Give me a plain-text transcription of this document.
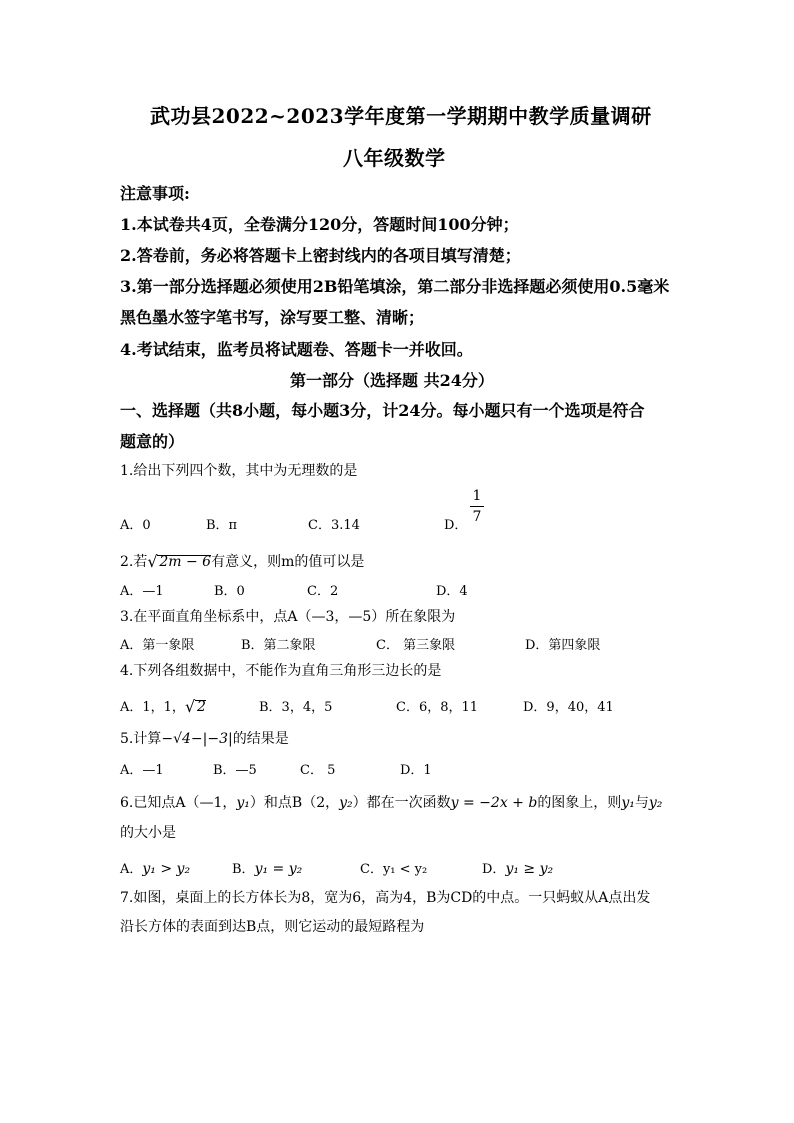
武功县2022~2023学年度第一学期期中教学质量调研
八年级数学
注意事项:
1.本试卷共4页，全卷满分120分，答题时间100分钟；
2.答卷前，务必将答题卡上密封线内的各项目填写清楚；
3.第一部分选择题必须使用2B铅笔填涂，第二部分非选择题必须使用0.5毫米
黑色墨水签字笔书写，涂写要工整、清晰；
4.考试结束，监考员将试题卷、答题卡一并收回。
第一部分（选择题 共24分）
一、选择题（共8小题，每小题3分，计24分。每小题只有一个选项是符合
题意的）
1.给出下列四个数，其中为无理数的是
A．0	B．π	C．3.14	D．
1
7
2.若 √ 2m − 6有意义，则m的值可以是
A．—1	B．0	C．2	D．4
3.在平面直角坐标系中，点A（—3，—5）所在象限为
A．第一象限	B．第二象限	C． 第三象限	D．第四象限
4.下列各组数据中，不能作为直角三角形三边长的是
A．1，1， √ 2	B．3，4，5	C．6，8，11	D．9，40，41
5.计算−√4−|−3|的结果是
A．—1	B．—5	C． 5	D．1
6.已知点A（—1，y₁）和点B（2，y₂）都在一次函数y = −2x + b的图象上，则y₁与y₂
的大小是
A．y₁ > y₂	B．y₁ = y₂	C．y₁ < y₂	D．y₁ ≥ y₂
7.如图，桌面上的长方体长为8，宽为6，高为4，B为CD的中点。一只蚂蚁从A点出发
沿长方体的表面到达B点，则它运动的最短路程为
